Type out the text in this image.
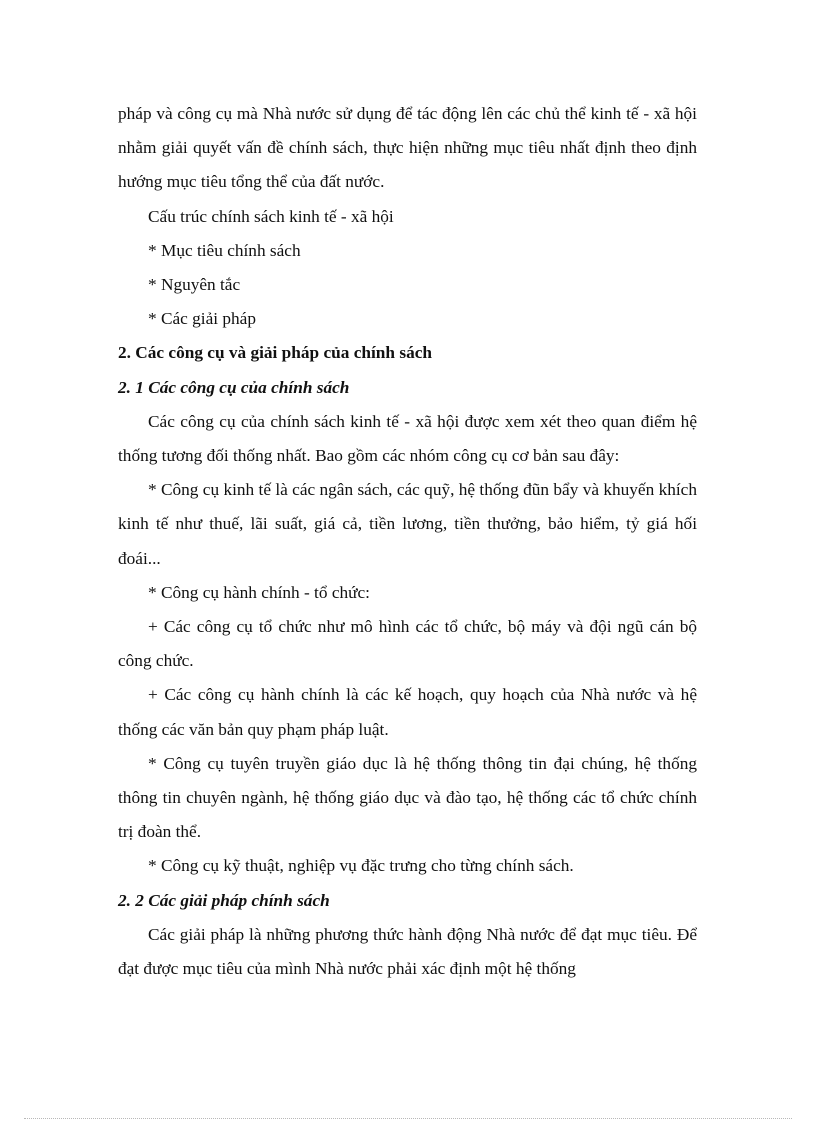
pháp và công cụ mà Nhà nước sử dụng để tác động lên các chủ thể kinh tế - xã hội nhằm giải quyết vấn đề chính sách, thực hiện những mục tiêu nhất định theo định hướng mục tiêu tổng thể của đất nước.

Cấu trúc chính sách kinh tế - xã hội

* Mục tiêu chính sách

* Nguyên tắc

* Các giải pháp

2. Các công cụ và giải pháp của chính sách

2. 1 Các công cụ của chính sách

Các công cụ của chính sách kinh tế - xã hội được xem xét theo quan điểm hệ thống tương đối thống nhất. Bao gồm các nhóm công cụ cơ bản sau đây:

* Công cụ kinh tế là các ngân sách, các quỹ, hệ thống đũn bẩy và khuyến khích kinh tế như thuế, lãi suất, giá cả, tiền lương, tiền thưởng, bảo hiểm, tỷ giá hối đoái...

* Công cụ hành chính - tổ chức:

+ Các công cụ tổ chức như mô hình các tổ chức, bộ máy và đội ngũ cán bộ công chức.

+ Các công cụ hành chính là các kế hoạch, quy hoạch của Nhà nước và hệ thống các văn bản quy phạm pháp luật.

* Công cụ tuyên truyền giáo dục là hệ thống thông tin đại chúng, hệ thống thông tin chuyên ngành, hệ thống giáo dục và đào tạo, hệ thống các tổ chức chính trị đoàn thể.

* Công cụ kỹ thuật, nghiệp vụ đặc trưng cho từng chính sách.

2. 2 Các giải pháp chính sách

Các giải pháp là những phương thức hành động Nhà nước để đạt mục tiêu. Để đạt được mục tiêu của mình Nhà nước phải xác định một hệ thống
